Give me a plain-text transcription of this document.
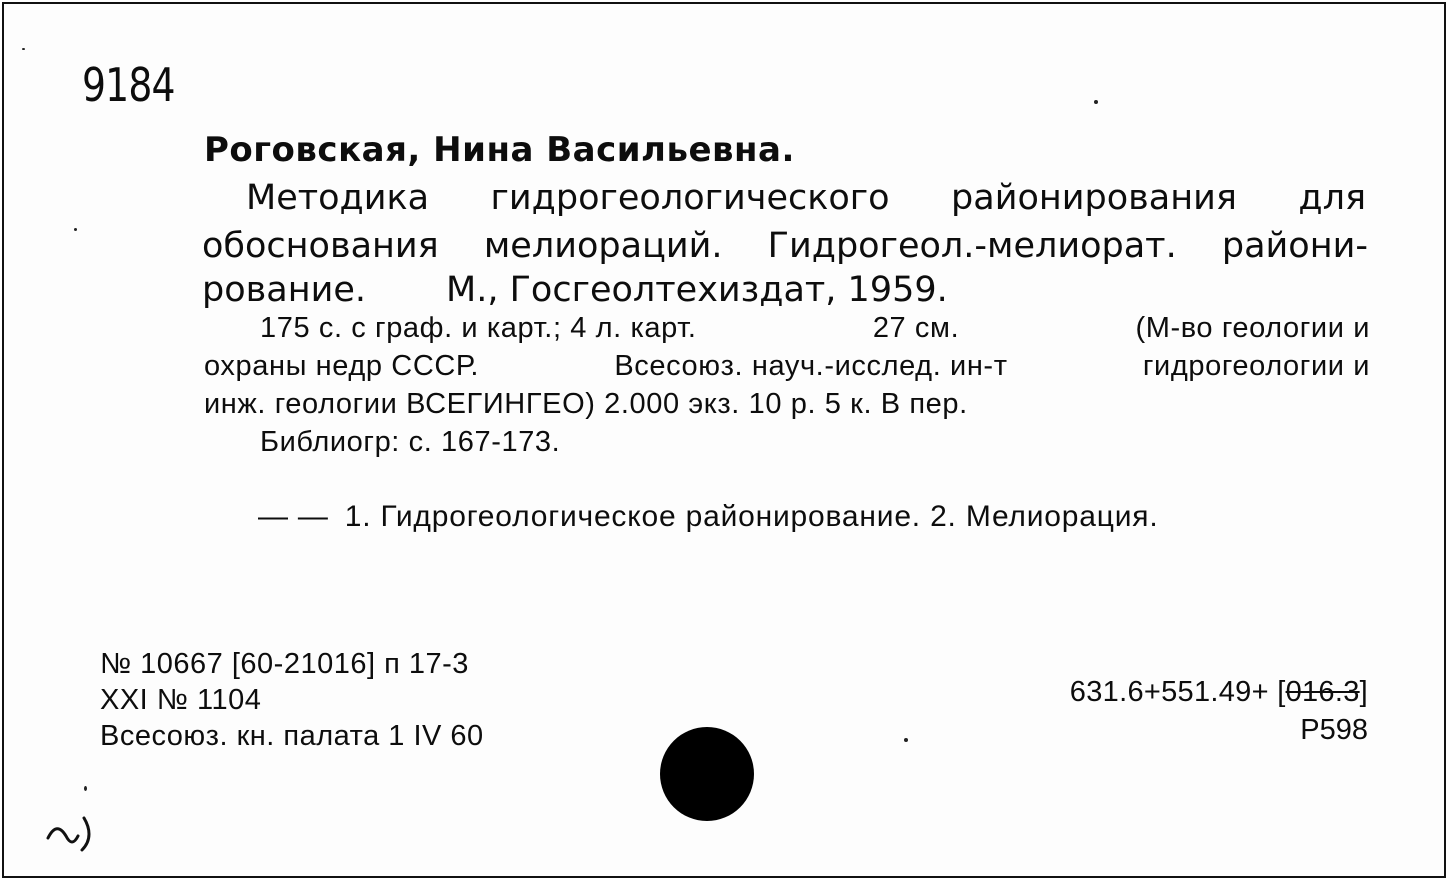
9184
Роговская, Нина Васильевна.
Методика гидрогеологического районирования для
обоснования мелиораций. Гидрогеол.-мелиорат. райони-
рование. М., Госгеолтехиздат, 1959.
175 с. с граф. и карт.; 4 л. карт.	27 см.	(М-во геологии и
охраны недр СССР.	Всесоюз. науч.-исслед. ин-т	гидрогеологии и
инж. геологии ВСЕГИНГЕО) 2.000 экз. 10 р. 5 к. В пер.
Библиогр: с. 167-173.
— — 1. Гидрогеологическое районирование. 2. Мелиорация.
№ 10667 [60-21016] п 17-3
XXI № 1104
Всесоюз. кн. палата 1 IV 60
631.6+551.49+ [016.3]
Р598
